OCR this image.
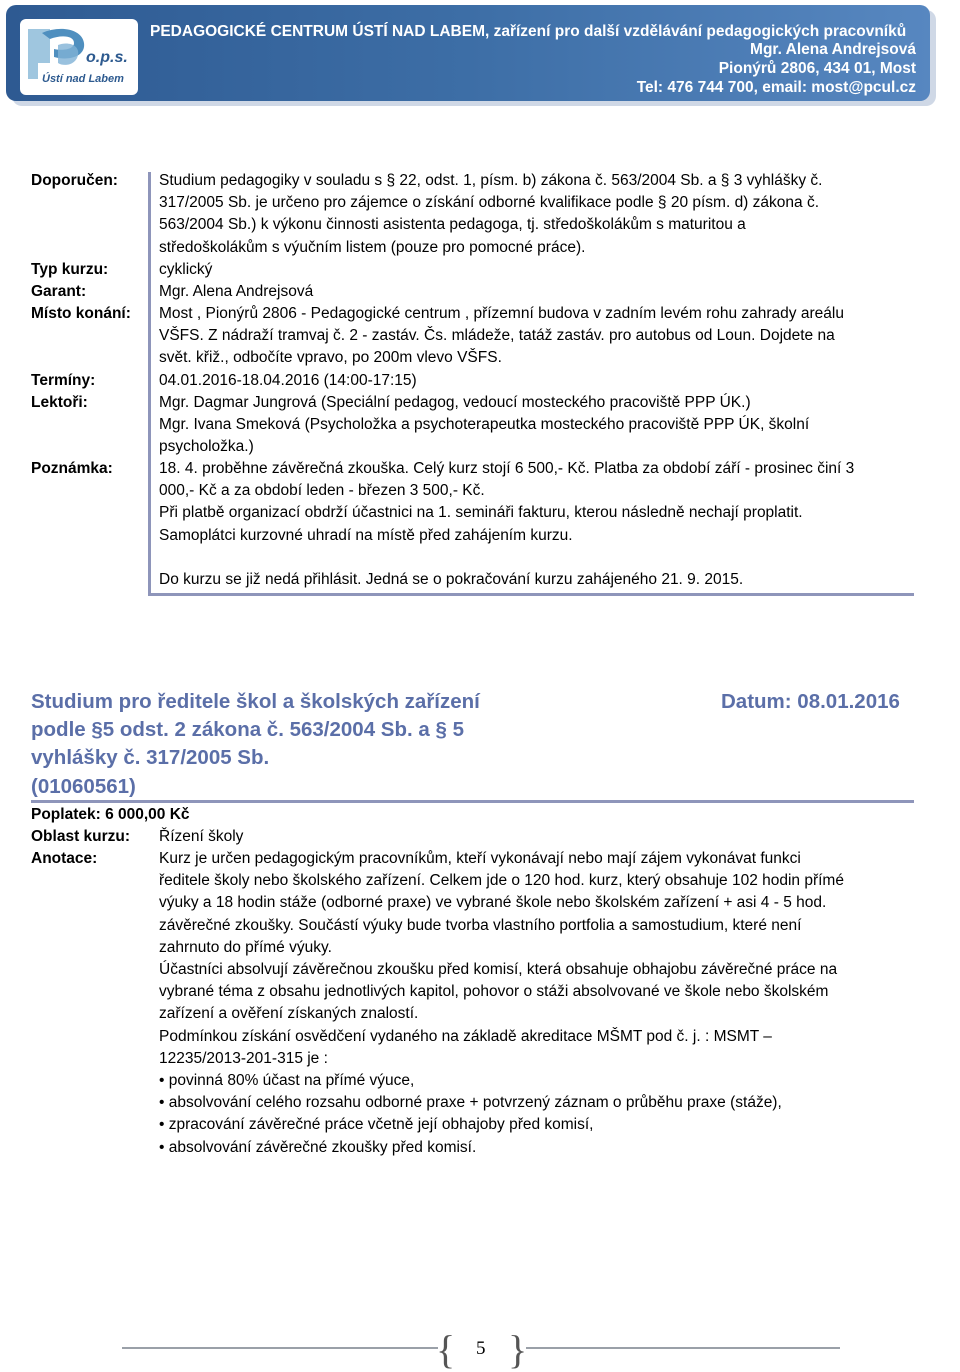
o.p.s.
Ústí nad Labem
PEDAGOGICKÉ CENTRUM ÚSTÍ NAD LABEM, zařízení pro další vzdělávání pedagogických pracovníků
Mgr. Alena Andrejsová
Pionýrů 2806, 434 01, Most
Tel: 476 744 700, email: most@pcul.cz
Doporučen:	Studium pedagogiky v souladu s § 22, odst. 1, písm. b) zákona č. 563/2004 Sb. a § 3 vyhlášky č.

317/2005 Sb. je určeno pro zájemce o získání odborné kvalifikace podle § 20 písm. d) zákona č.

563/2004 Sb.) k výkonu činnosti asistenta pedagoga, tj. středoškolákům s maturitou a

středoškolákům s výučním listem (pouze pro pomocné práce).

Typ kurzu:	cyklický

Garant:	Mgr. Alena Andrejsová

Místo konání: Most , Pionýrů 2806 - Pedagogické centrum , přízemní budova v zadním levém rohu zahrady areálu

VŠFS. Z nádraží tramvaj č. 2 - zastáv. Čs. mládeže, tatáž zastáv. pro autobus od Loun. Dojdete na

svět. křiž., odbočíte vpravo, po 200m vlevo VŠFS.

Termíny:	04.01.2016-18.04.2016 (14:00-17:15)

Lektoři:	Mgr. Dagmar Jungrová (Speciální pedagog, vedoucí mosteckého pracoviště PPP ÚK.)

Mgr. Ivana Smeková (Psycholožka a psychoterapeutka mosteckého pracoviště PPP ÚK, školní

psycholožka.)

Poznámka:	18. 4. proběhne závěrečná zkouška. Celý kurz stojí 6 500,- Kč. Platba za období září - prosinec činí 3

000,- Kč a za období leden - březen 3 500,- Kč.

Při platbě organizací obdrží účastnici na 1. semináři fakturu, kterou následně nechají proplatit.

Samoplátci kurzovné uhradí na místě před zahájením kurzu.

Do kurzu se již nedá přihlásit. Jedná se o pokračování kurzu zahájeného 21. 9. 2015.

Studium pro ředitele škol a školských zařízení
podle §5 odst. 2 zákona č. 563/2004 Sb. a § 5
vyhlášky č. 317/2005 Sb.
(01060561)
Datum: 08.01.2016
Poplatek: 6 000,00 Kč
Oblast kurzu: Řízení školy

Anotace:	Kurz je určen pedagogickým pracovníkům, kteří vykonávají nebo mají zájem vykonávat funkci

ředitele školy nebo školského zařízení. Celkem jde o 120 hod. kurz, který obsahuje 102 hodin přímé

výuky a 18 hodin stáže (odborné praxe) ve vybrané škole nebo školském zařízení + asi 4 - 5 hod.

závěrečné zkoušky. Součástí výuky bude tvorba vlastního portfolia a samostudium, které není

zahrnuto do přímé výuky.

Účastníci absolvují závěrečnou zkoušku před komisí, která obsahuje obhajobu závěrečné práce na

vybrané téma z obsahu jednotlivých kapitol, pohovor o stáži absolvované ve škole nebo školském

zařízení a ověření získaných znalostí.

Podmínkou získání osvědčení vydaného na základě akreditace MŠMT pod č. j. : MSMT –

12235/2013-201-315 je :

• povinná 80% účast na přímé výuce,

• absolvování celého rozsahu odborné praxe + potvrzený záznam o průběhu praxe (stáže),

• zpracování závěrečné práce včetně její obhajoby před komisí,

• absolvování závěrečné zkoušky před komisí.

{ }
5
